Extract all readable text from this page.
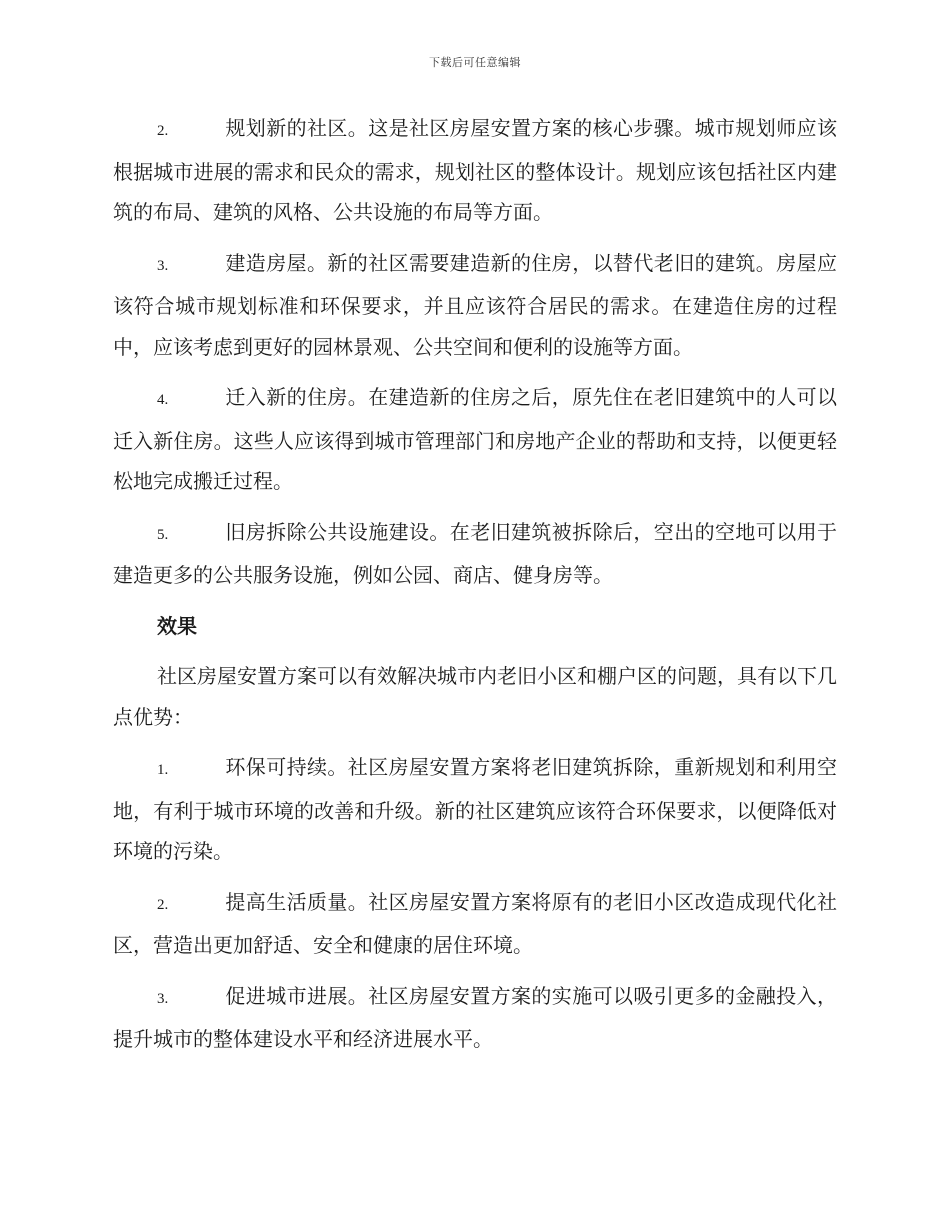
下载后可任意编辑

2.	规划新的社区。这是社区房屋安置方案的核心步骤。城市规划师应该根据城市进展的需求和民众的需求，规划社区的整体设计。规划应该包括社区内建筑的布局、建筑的风格、公共设施的布局等方面。

3.	建造房屋。新的社区需要建造新的住房，以替代老旧的建筑。房屋应该符合城市规划标准和环保要求，并且应该符合居民的需求。在建造住房的过程中，应该考虑到更好的园林景观、公共空间和便利的设施等方面。

4.	迁入新的住房。在建造新的住房之后，原先住在老旧建筑中的人可以迁入新住房。这些人应该得到城市管理部门和房地产企业的帮助和支持，以便更轻松地完成搬迁过程。

5.	旧房拆除公共设施建设。在老旧建筑被拆除后，空出的空地可以用于建造更多的公共服务设施，例如公园、商店、健身房等。

效果

社区房屋安置方案可以有效解决城市内老旧小区和棚户区的问题，具有以下几点优势：

1.	环保可持续。社区房屋安置方案将老旧建筑拆除，重新规划和利用空地，有利于城市环境的改善和升级。新的社区建筑应该符合环保要求，以便降低对环境的污染。

2.	提高生活质量。社区房屋安置方案将原有的老旧小区改造成现代化社区，营造出更加舒适、安全和健康的居住环境。

3.	促进城市进展。社区房屋安置方案的实施可以吸引更多的金融投入，提升城市的整体建设水平和经济进展水平。
